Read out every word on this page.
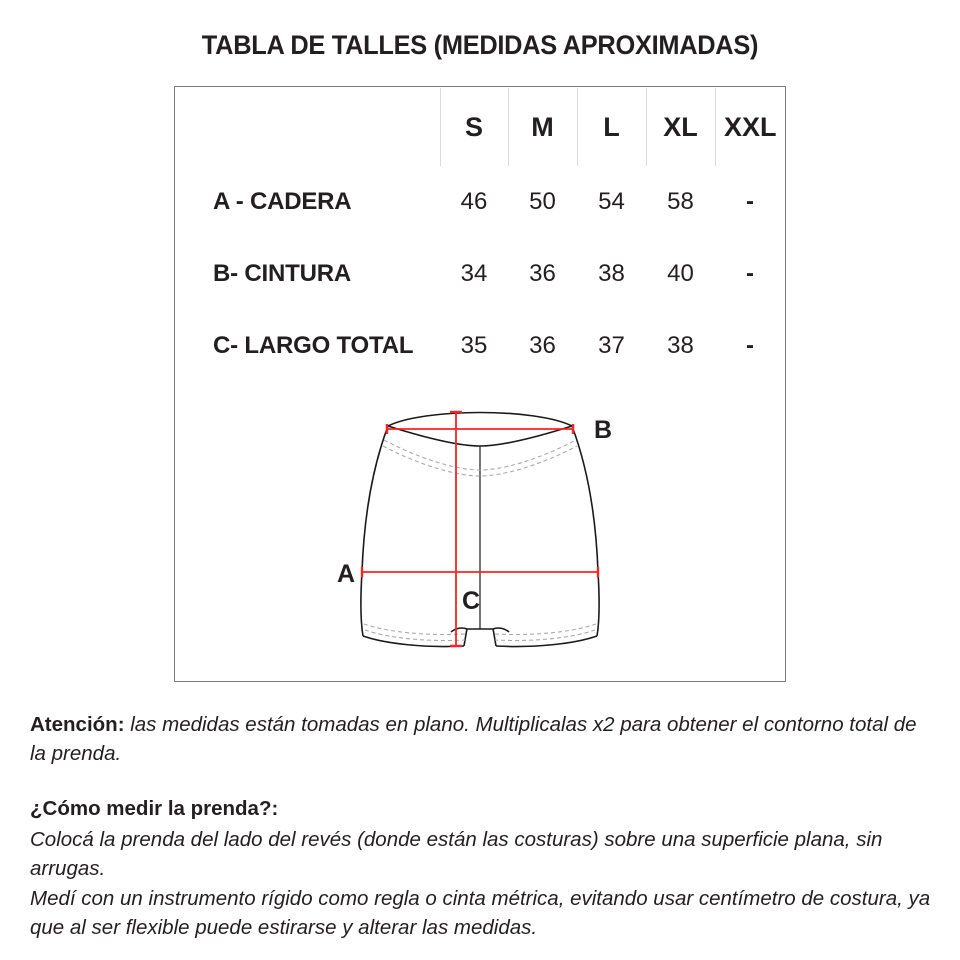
TABLA DE TALLES (MEDIDAS APROXIMADAS)
	S	M	L	XL	XXL
A - CADERA	46	50	54	58	-
B- CINTURA	34	36	38	40	-
C- LARGO TOTAL	35	36	37	38	-

B
A
C

Atención: las medidas están tomadas en plano. Multiplicalas x2 para obtener el contorno total de la prenda.

¿Cómo medir la prenda?:

Colocá la prenda del lado del revés (donde están las costuras) sobre una superficie plana, sin arrugas.

Medí con un instrumento rígido como regla o cinta métrica, evitando usar centímetro de costura, ya que al ser flexible puede estirarse y alterar las medidas.
